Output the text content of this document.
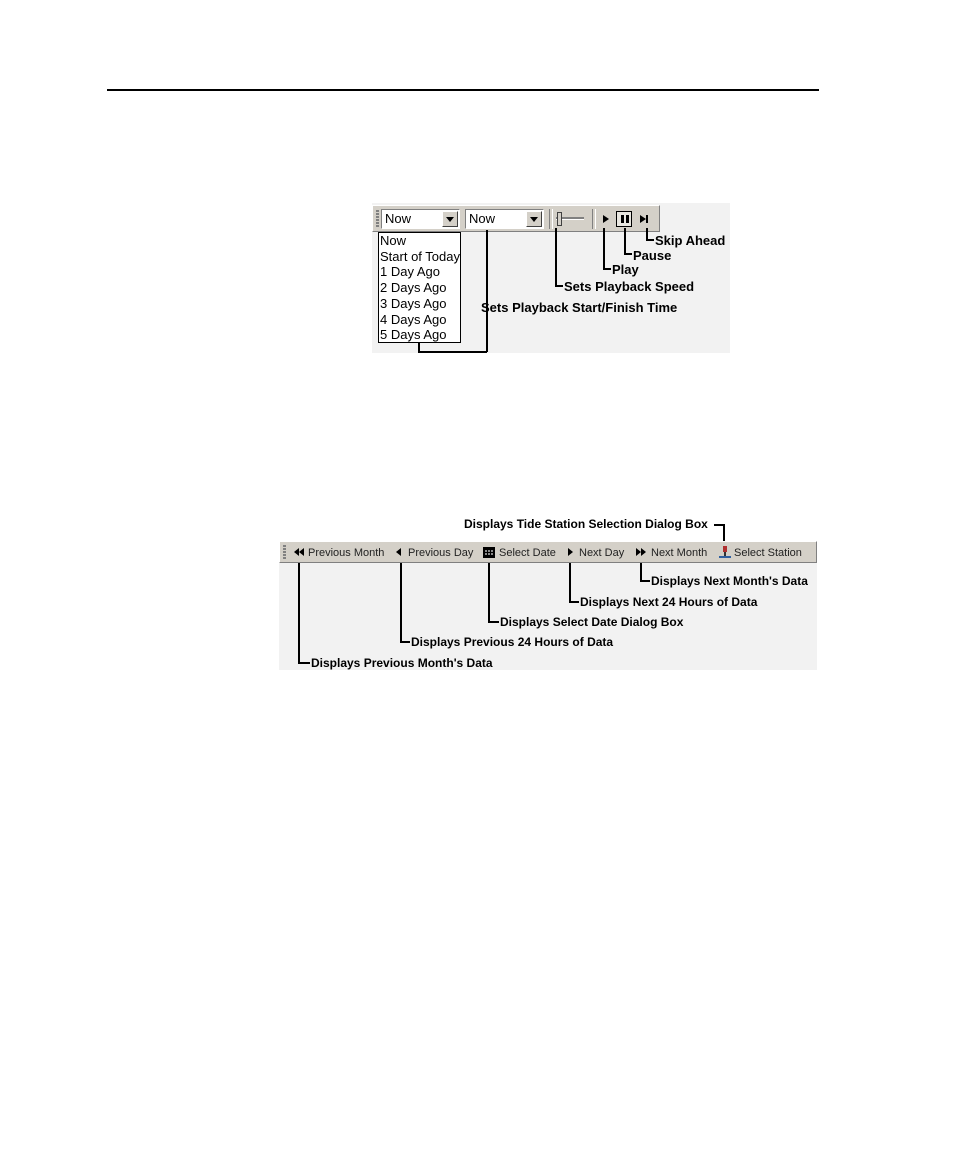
Now	Now
Now
Start of Today
1 Day Ago
2 Days Ago
3 Days Ago
4 Days Ago
5 Days Ago
Skip Ahead
Pause
Play
Sets Playback Speed
Sets Playback Start/Finish Time
Displays Tide Station Selection Dialog Box
Previous Month Previous Day Select Date Next Day Next Month Select Station
Displays Next Month's Data
Displays Next 24 Hours of Data
Displays Select Date Dialog Box
Displays Previous 24 Hours of Data
Displays Previous Month's Data
